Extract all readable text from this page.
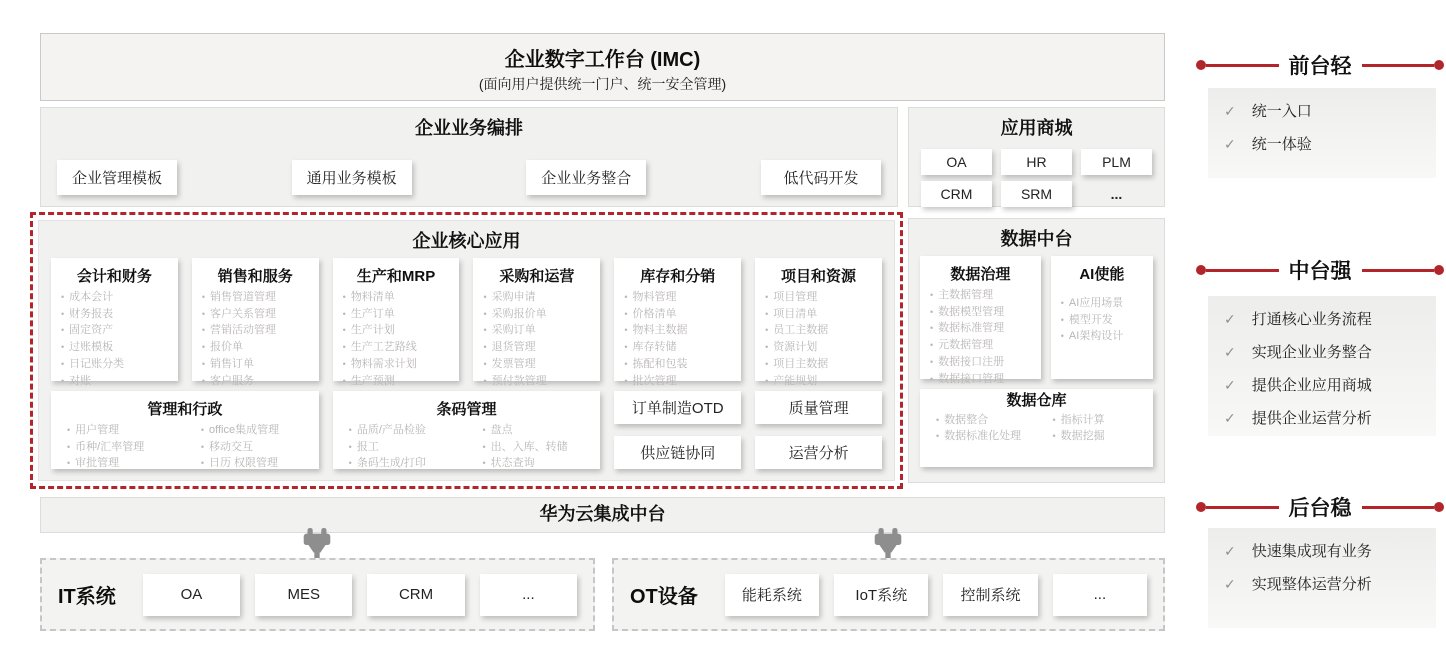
企业数字工作台 (IMC)
(面向用户提供统一门户、统一安全管理)
企业业务编排
企业管理模板	通用业务模板	企业业务整合	低代码开发
应用商城
OA	HR	PLM
CRM	SRM	...
企业核心应用
会计和财务
• 成本会计
• 财务报表
• 固定资产
• 过账模板
• 日记账分类
• 对账
销售和服务
• 销售管道管理
• 客户关系管理
• 营销活动管理
• 报价单
• 销售订单
• 客户服务
生产和MRP
• 物料清单
• 生产订单
• 生产计划
• 生产工艺路线
• 物料需求计划
• 生产预测
采购和运营
• 采购申请
• 采购报价单
• 采购订单
• 退货管理
• 发票管理
• 预付款管理
库存和分销
• 物料管理
• 价格清单
• 物料主数据
• 库存转储
• 拣配和包装
• 批次管理
项目和资源
• 项目管理
• 项目清单
• 员工主数据
• 资源计划
• 项目主数据
• 产能规划
管理和行政
• 用户管理
• 币种/汇率管理
• 审批管理
• office集成管理
• 移动交互
• 日历 权限管理
条码管理
• 品质/产品检验
• 报工
• 条码生成/打印
• 盘点
• 出、入库、转储
• 状态查询
订单制造OTD	质量管理
供应链协同	运营分析
数据中台
数据治理
• 主数据管理
• 数据模型管理
• 数据标准管理
• 元数据管理
• 数据接口注册
• 数据接口管理
AI使能
• AI应用场景
• 模型开发
• AI架构设计
数据仓库
• 数据整合
• 数据标准化处理
• 指标计算
• 数据挖掘
华为云集成中台
IT系统	OA	MES	CRM	...	OT设备	能耗系统	IoT系统	控制系统	...
前台轻
✓ 统一入口
✓ 统一体验
中台强
✓ 打通核心业务流程
✓ 实现企业业务整合
✓ 提供企业应用商城
✓ 提供企业运营分析
后台稳
✓ 快速集成现有业务
✓ 实现整体运营分析
